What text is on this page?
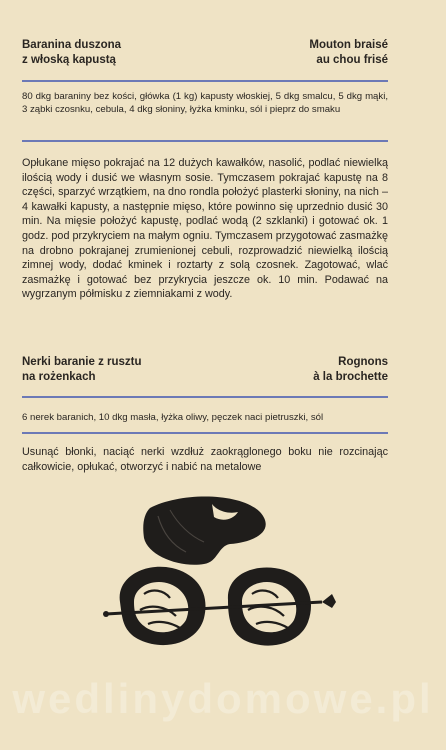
Baranina duszona
z włoską kapustą
Mouton braisé
au chou frisé
80 dkg baraniny bez kości, główka (1 kg) kapusty włoskiej, 5 dkg smalcu, 5 dkg mąki, 3 ząbki czosnku, cebula, 4 dkg słoniny, łyżka kminku, sól i pieprz do smaku
Opłukane mięso pokrajać na 12 dużych kawałków, nasolić, podlać niewielką ilością wody i dusić we własnym sosie. Tymczasem pokrajać kapustę na 8 części, sparzyć wrzątkiem, na dno rondla położyć plasterki słoniny, na nich – 4 kawałki kapusty, a następnie mięso, które powinno się uprzednio dusić 30 min. Na mięsie położyć kapustę, podlać wodą (2 szklanki) i gotować ok. 1 godz. pod przykryciem na małym ogniu. Tymczasem przygotować zasmażkę na drobno pokrajanej zrumienionej cebuli, rozprowadzić niewielką ilością zimnej wody, dodać kminek i roztarty z solą czosnek. Zagotować, wlać zasmażkę i gotować bez przykrycia jeszcze ok. 10 min. Podawać na wygrzanym półmisku z ziemniakami z wody.
Nerki baranie z rusztu
na rożenkach
Rognons
à la brochette
6 nerek baranich, 10 dkg masła, łyżka oliwy, pęczek naci pietruszki, sól
Usunąć błonki, naciąć nerki wzdłuż zaokrąglonego boku nie rozcinając całkowicie, opłukać, otworzyć i nabić na metalowe
wedlinydomowe.pl
